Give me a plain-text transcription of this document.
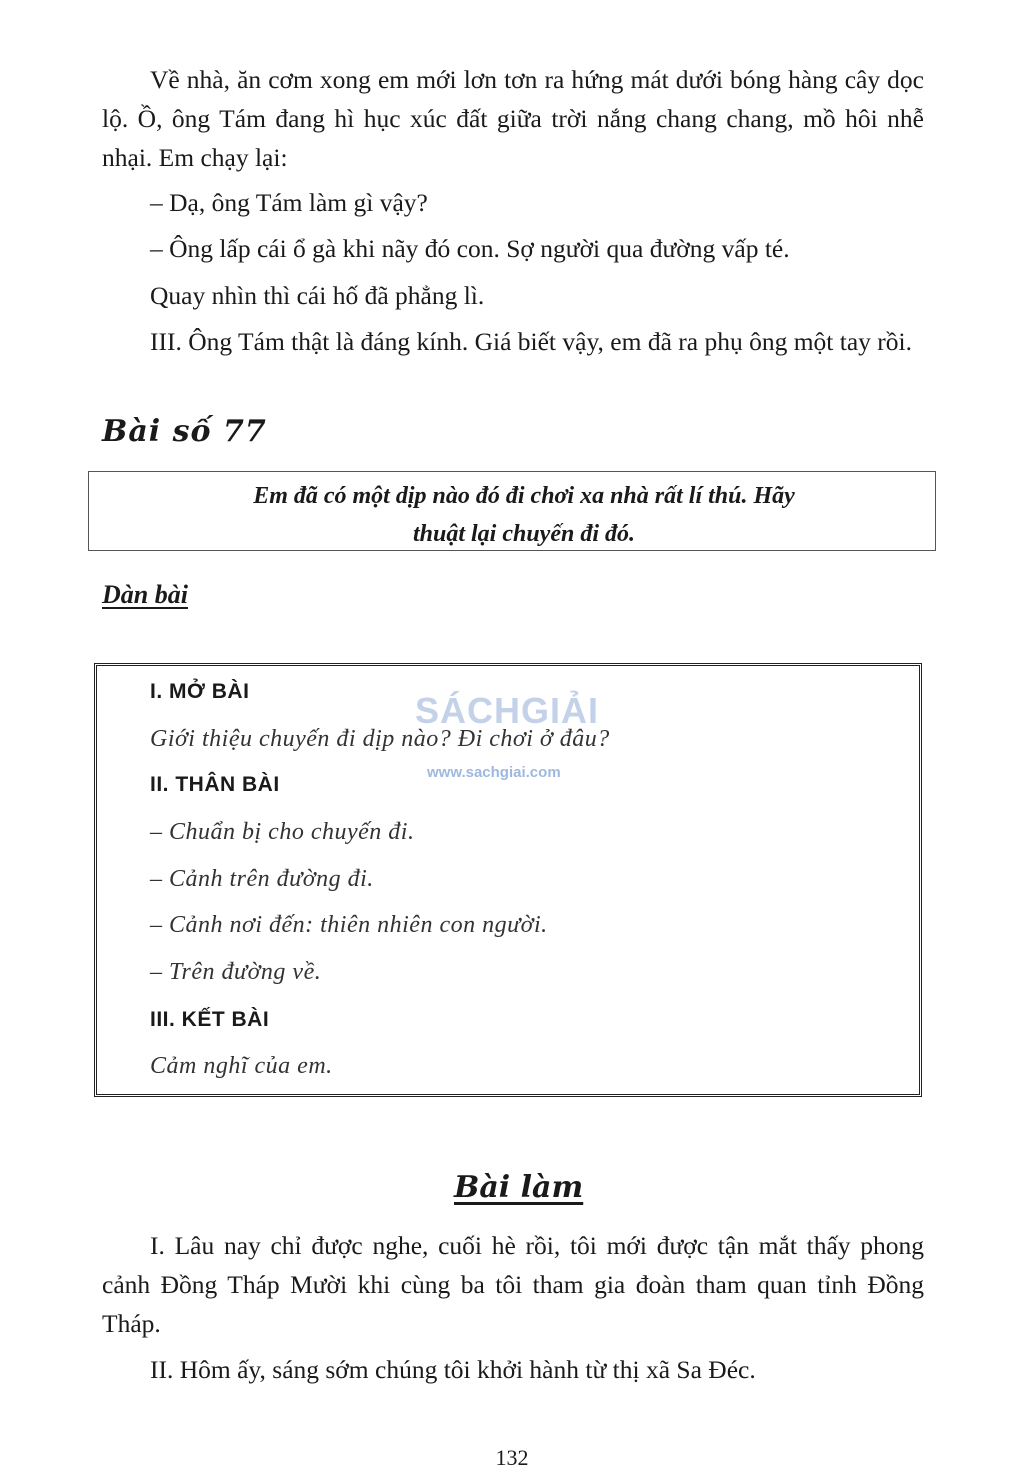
Về nhà, ăn cơm xong em mới lơn tơn ra hứng mát dưới bóng hàng cây dọc lộ. Ồ, ông Tám đang hì hục xúc đất giữa trời nắng chang chang, mồ hôi nhễ nhại. Em chạy lại:

– Dạ, ông Tám làm gì vậy?

– Ông lấp cái ổ gà khi nãy đó con. Sợ người qua đường vấp té.

Quay nhìn thì cái hố đã phẳng lì.

III. Ông Tám thật là đáng kính. Giá biết vậy, em đã ra phụ ông một tay rồi.

Bài số 77

Em đã có một dịp nào đó đi chơi xa nhà rất lí thú. Hãy
thuật lại chuyến đi đó.

Dàn bài
SÁCHGIẢI
www.sachgiai.com

I. MỞ BÀI

Giới thiệu chuyến đi dịp nào? Đi chơi ở đâu?

II. THÂN BÀI

– Chuẩn bị cho chuyến đi.

– Cảnh trên đường đi.

– Cảnh nơi đến: thiên nhiên con người.

– Trên đường về.

III. KẾT BÀI

Cảm nghĩ của em.

Bài làm

I. Lâu nay chỉ được nghe, cuối hè rồi, tôi mới được tận mắt thấy phong cảnh Đồng Tháp Mười khi cùng ba tôi tham gia đoàn tham quan tỉnh Đồng Tháp.

II. Hôm ấy, sáng sớm chúng tôi khởi hành từ thị xã Sa Đéc.

132
